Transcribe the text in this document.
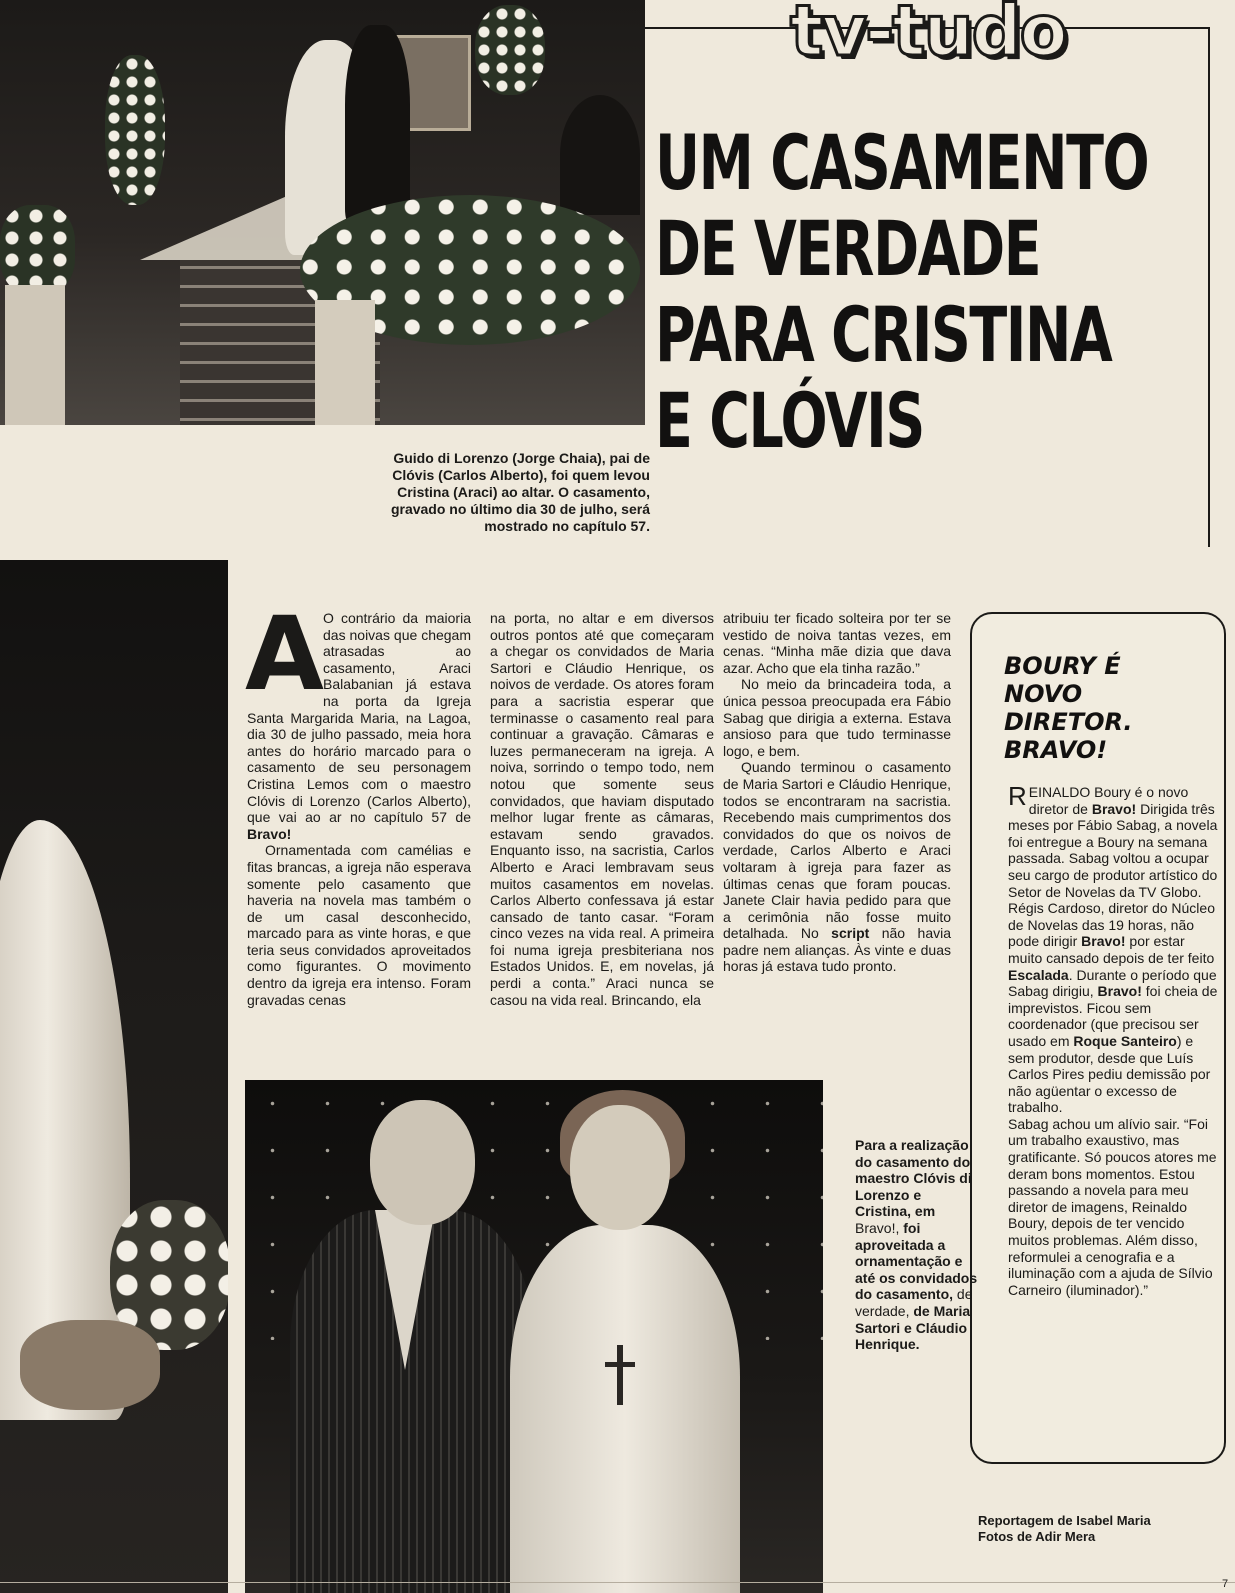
tv-tudo
UM CASAMENTO
DE VERDADE
PARA CRISTINA
E CLÓVIS
Guido di Lorenzo (Jorge Chaia), pai de Clóvis (Carlos Alberto), foi quem levou Cristina (Araci) ao altar. O casamento, gravado no último dia 30 de julho, será mostrado no capítulo 57.

A O contrário da maioria das noivas que chegam atrasadas ao casamento, Araci Balabanian já estava na porta da Igreja Santa Margarida Maria, na Lagoa, dia 30 de julho passado, meia hora antes do horário marcado para o casamento de seu personagem Cristina Lemos com o maestro Clóvis di Lorenzo (Carlos Alberto), que vai ao ar no capítulo 57 de Bravo!

Ornamentada com camélias e fitas brancas, a igreja não esperava somente pelo casamento que haveria na novela mas também o de um casal desconhecido, marcado para as vinte horas, e que teria seus convidados aproveitados como figurantes. O movimento dentro da igreja era intenso. Foram gravadas cenas

na porta, no altar e em diversos outros pontos até que começaram a chegar os convidados de Maria Sartori e Cláudio Henrique, os noivos de verdade. Os atores foram para a sacristia esperar que terminasse o casamento real para continuar a gravação. Câmaras e luzes permaneceram na igreja. A noiva, sorrindo o tempo todo, nem notou que somente seus convidados, que haviam disputado melhor lugar frente as câmaras, estavam sendo gravados. Enquanto isso, na sacristia, Carlos Alberto e Araci lembravam seus muitos casamentos em novelas. Carlos Alberto confessava já estar cansado de tanto casar. “Foram cinco vezes na vida real. A primeira foi numa igreja presbiteriana nos Estados Unidos. E, em novelas, já perdi a conta.” Araci nunca se casou na vida real. Brincando, ela

atribuiu ter ficado solteira por ter se vestido de noiva tantas vezes, em cenas. “Minha mãe dizia que dava azar. Acho que ela tinha razão.”

No meio da brincadeira toda, a única pessoa preocupada era Fábio Sabag que dirigia a externa. Estava ansioso para que tudo terminasse logo, e bem.

Quando terminou o casamento de Maria Sartori e Cláudio Henrique, todos se encontraram na sacristia. Recebendo mais cumprimentos dos convidados do que os noivos de verdade, Carlos Alberto e Araci voltaram à igreja para fazer as últimas cenas que foram poucas. Janete Clair havia pedido para que a cerimônia não fosse muito detalhada. No script não havia padre nem alianças. Às vinte e duas horas já estava tudo pronto.

BOURY É
NOVO DIRETOR.
BRAVO!

REINALDO Boury é o novo diretor de Bravo! Dirigida três meses por Fábio Sabag, a novela foi entregue a Boury na semana passada. Sabag voltou a ocupar seu cargo de produtor artístico do Setor de Novelas da TV Globo. Régis Cardoso, diretor do Núcleo de Novelas das 19 horas, não pode dirigir Bravo! por estar muito cansado depois de ter feito Escalada. Durante o período que Sabag dirigiu, Bravo! foi cheia de imprevistos. Ficou sem coordenador (que precisou ser usado em Roque Santeiro) e sem produtor, desde que Luís Carlos Pires pediu demissão por não agüentar o excesso de trabalho.

Sabag achou um alívio sair. “Foi um trabalho exaustivo, mas gratificante. Só poucos atores me deram bons momentos. Estou passando a novela para meu diretor de imagens, Reinaldo Boury, depois de ter vencido muitos problemas. Além disso, reformulei a cenografia e a iluminação com a ajuda de Sílvio Carneiro (iluminador).”

Para a realização do casamento do maestro Clóvis di Lorenzo e Cristina, em Bravo!, foi aproveitada a ornamentação e até os convidados do casamento, de verdade, de Maria Sartori e Cláudio Henrique.
Reportagem de Isabel Maria
Fotos de Adir Mera
7
